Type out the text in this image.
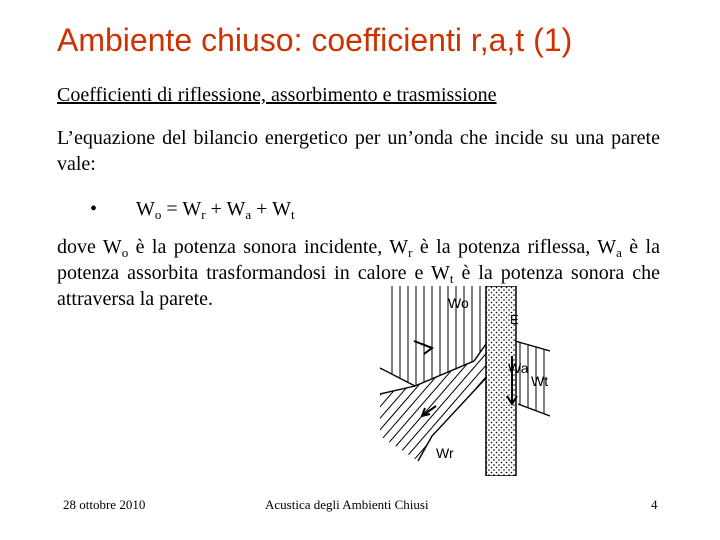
Ambiente chiuso: coefficienti r,a,t (1)
Coefficienti di riflessione, assorbimento e trasmissione
L’equazione del bilancio energetico per un’onda che incide su una parete vale:
• $W_o = W_r + W_a + W_t$
dove $W_o$ è la potenza sonora incidente, $W_r$ è la potenza riflessa, $W_a$ è la potenza assorbita trasformandosi in calore e $W_t$ è la potenza sonora che attraversa la parete.	Wo
E
Wa
Wt
Wr
28 ottobre 2010	Acustica degli Ambienti Chiusi	4
